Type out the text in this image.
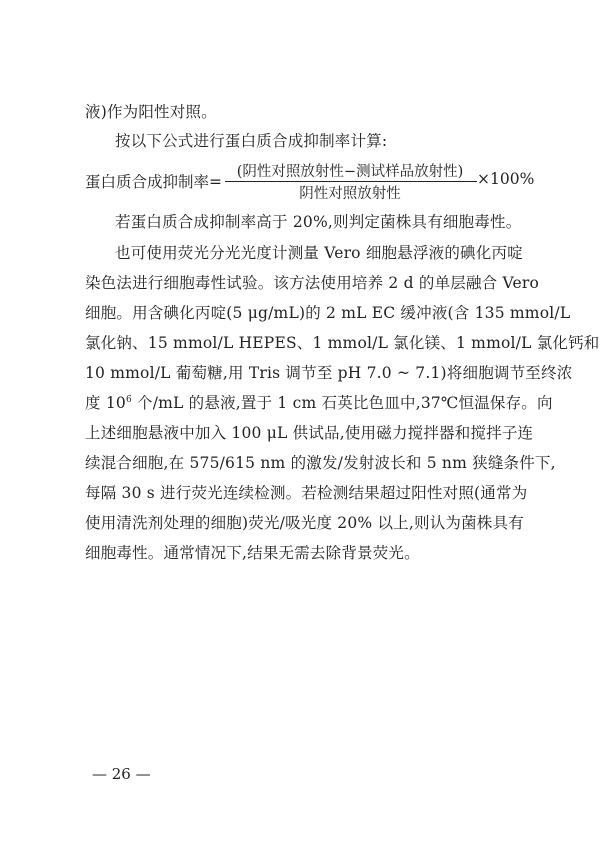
液)作为阳性对照。
按以下公式进行蛋白质合成抑制率计算:
蛋白质合成抑制率=
(阴性对照放射性−测试样品放射性)
阴性对照放射性
×100%
若蛋白质合成抑制率高于 20%,则判定菌株具有细胞毒性。
也可使用荧光分光光度计测量 Vero 细胞悬浮液的碘化丙啶
染色法进行细胞毒性试验。该方法使用培养 2 d 的单层融合 Vero
细胞。用含碘化丙啶(5 μg/mL)的 2 mL EC 缓冲液(含 135 mmol/L
氯化钠、15 mmol/L HEPES、1 mmol/L 氯化镁、1 mmol/L 氯化钙和
10 mmol/L 葡萄糖,用 Tris 调节至 pH 7.0 ~ 7.1)将细胞调节至终浓
度 $10^6$ 个/mL 的悬液,置于 1 cm 石英比色皿中,37℃恒温保存。向
上述细胞悬液中加入 100 μL 供试品,使用磁力搅拌器和搅拌子连
续混合细胞,在 575/615 nm 的激发/发射波长和 5 nm 狭缝条件下,
每隔 30 s 进行荧光连续检测。若检测结果超过阳性对照(通常为
使用清洗剂处理的细胞)荧光/吸光度 20% 以上,则认为菌株具有
细胞毒性。通常情况下,结果无需去除背景荧光。
— 26 —
